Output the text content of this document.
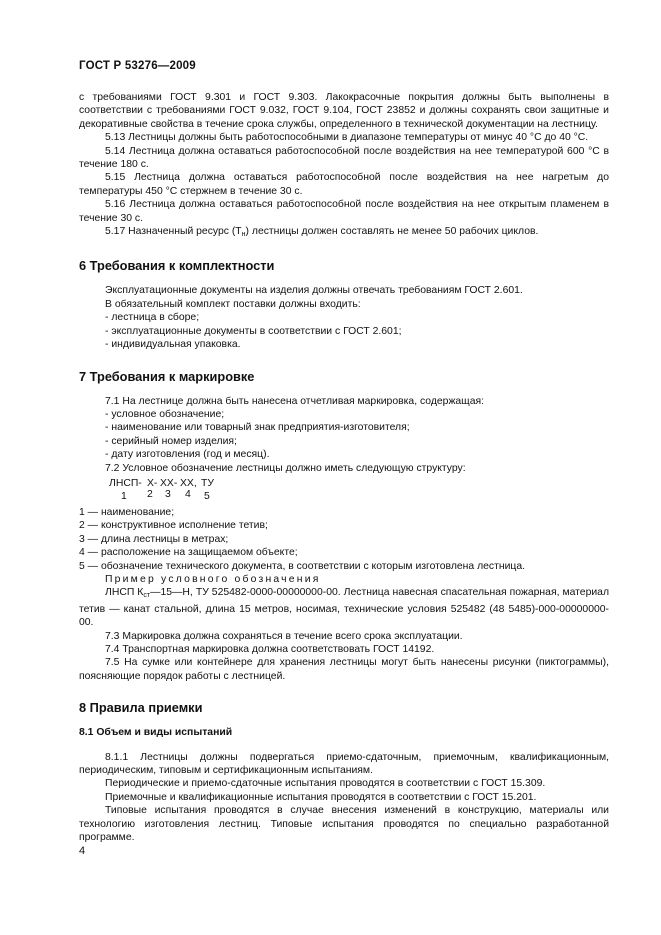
ГОСТ Р 53276—2009

с требованиями ГОСТ 9.301 и ГОСТ 9.303. Лакокрасочные покрытия должны быть выполнены в соответствии с требованиями ГОСТ 9.032, ГОСТ 9.104, ГОСТ 23852 и должны сохранять свои защитные и декоративные свойства в течение срока службы, определенного в технической документации на лестницу.

5.13 Лестницы должны быть работоспособными в диапазоне температуры от минус 40 °С до 40 °С.

5.14 Лестница должна оставаться работоспособной после воздействия на нее температурой 600 °С в течение 180 с.

5.15 Лестница должна оставаться работоспособной после воздействия на нее нагретым до температуры 450 °С стержнем в течение 30 с.

5.16 Лестница должна оставаться работоспособной после воздействия на нее открытым пламенем в течение 30 с.

5.17 Назначенный ресурс $(Т_н)$ лестницы должен составлять не менее 50 рабочих циклов.

6 Требования к комплектности

Эксплуатационные документы на изделия должны отвечать требованиям ГОСТ 2.601.

В обязательный комплект поставки должны входить:

- лестница в сборе;

- эксплуатационные документы в соответствии с ГОСТ 2.601;

- индивидуальная упаковка.

7 Требования к маркировке

7.1 На лестнице должна быть нанесена отчетливая маркировка, содержащая:

- условное обозначение;

- наименование или товарный знак предприятия-изготовителя;

- серийный номер изделия;

- дату изготовления (год и месяц).

7.2 Условное обозначение лестницы должно иметь следующую структуру:

ЛНСП- Х- ХХ- ХХ, ТУ
1 2 3 4 5

1 — наименование;

2 — конструктивное исполнение тетив;

3 — длина лестницы в метрах;

4 — расположение на защищаемом объекте;

5 — обозначение технического документа, в соответствии с которым изготовлена лестница.

Пример условного обозначения

ЛНСП $К_{ст}—15—Н$, ТУ 525482-0000-00000000-00. Лестница навесная спасательная пожарная, материал тетив — канат стальной, длина 15 метров, носимая, технические условия 525482 (48 5485)-000-00000000-00.

7.3 Маркировка должна сохраняться в течение всего срока эксплуатации.

7.4 Транспортная маркировка должна соответствовать ГОСТ 14192.

7.5 На сумке или контейнере для хранения лестницы могут быть нанесены рисунки (пиктограммы), поясняющие порядок работы с лестницей.

8 Правила приемки

8.1 Объем и виды испытаний

8.1.1 Лестницы должны подвергаться приемо-сдаточным, приемочным, квалификационным, периодическим, типовым и сертификационным испытаниям.

Периодические и приемо-сдаточные испытания проводятся в соответствии с ГОСТ 15.309.

Приемочные и квалификационные испытания проводятся в соответствии с ГОСТ 15.201.

Типовые испытания проводятся в случае внесения изменений в конструкцию, материалы или технологию изготовления лестниц. Типовые испытания проводятся по специально разработанной программе.

4
